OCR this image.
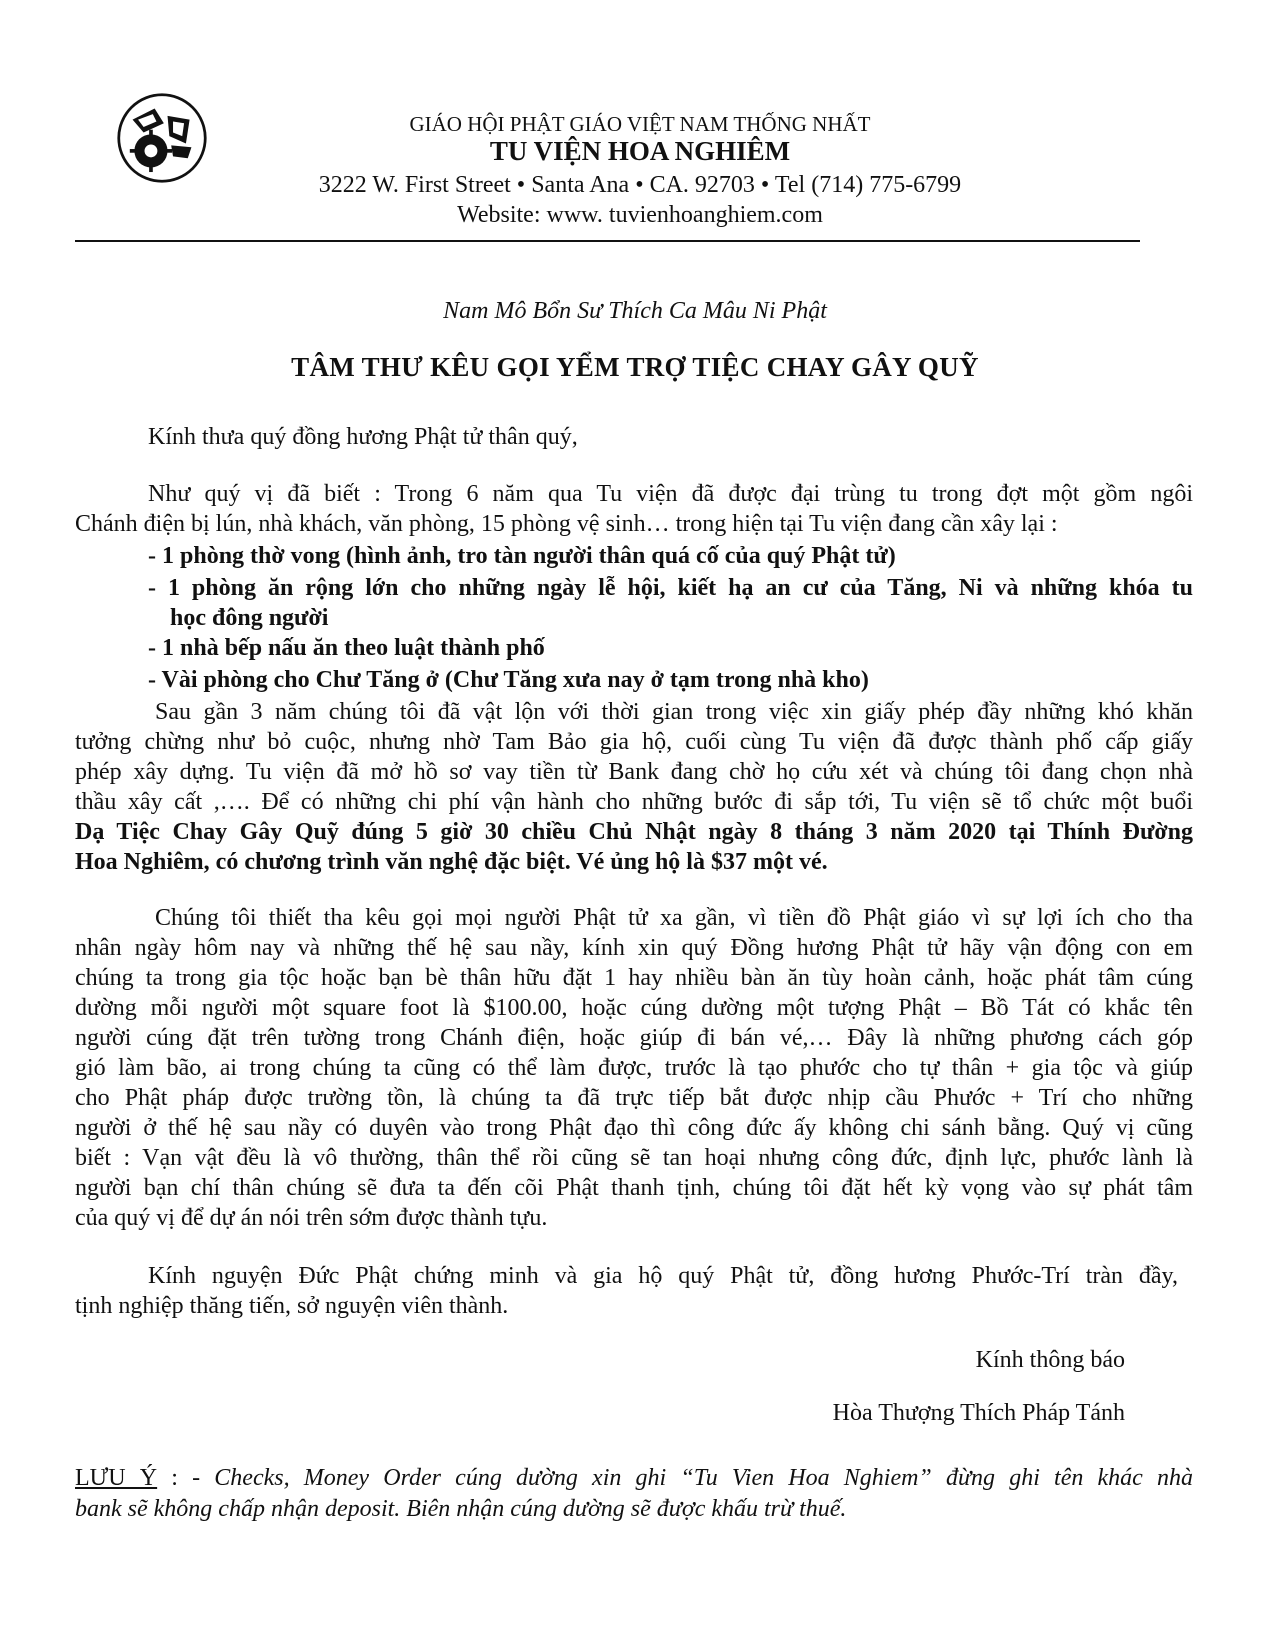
GIÁO HỘI PHẬT GIÁO VIỆT NAM THỐNG NHẤT
TU VIỆN HOA NGHIÊM
3222 W. First Street • Santa Ana • CA. 92703 • Tel (714) 775-6799
Website: www. tuvienhoanghiem.com
Nam Mô Bổn Sư Thích Ca Mâu Ni Phật
TÂM THƯ KÊU GỌI YỂM TRỢ TIỆC CHAY GÂY QUỸ
Kính thưa quý đồng hương Phật tử thân quý,
Như quý vị đã biết : Trong 6 năm qua Tu viện đã được đại trùng tu trong đợt một gồm ngôi
Chánh điện bị lún, nhà khách, văn phòng, 15 phòng vệ sinh… trong hiện tại Tu viện đang cần xây lại :
- 1 phòng thờ vong (hình ảnh, tro tàn người thân quá cố của quý Phật tử)
- 1 phòng ăn rộng lớn cho những ngày lễ hội, kiết hạ an cư của Tăng, Ni và những khóa tu
học đông người
- 1 nhà bếp nấu ăn theo luật thành phố
- Vài phòng cho Chư Tăng ở (Chư Tăng xưa nay ở tạm trong nhà kho)
Sau gần 3 năm chúng tôi đã vật lộn với thời gian trong việc xin giấy phép đầy những khó khăn
tưởng chừng như bỏ cuộc, nhưng nhờ Tam Bảo gia hộ, cuối cùng Tu viện đã được thành phố cấp giấy
phép xây dựng. Tu viện đã mở hồ sơ vay tiền từ Bank đang chờ họ cứu xét và chúng tôi đang chọn nhà
thầu xây cất ,…. Để có những chi phí vận hành cho những bước đi sắp tới, Tu viện sẽ tổ chức một buổi
Dạ Tiệc Chay Gây Quỹ đúng 5 giờ 30 chiều Chủ Nhật ngày 8 tháng 3 năm 2020 tại Thính Đường
Hoa Nghiêm, có chương trình văn nghệ đặc biệt. Vé ủng hộ là $37 một vé.
Chúng tôi thiết tha kêu gọi mọi người Phật tử xa gần, vì tiền đồ Phật giáo vì sự lợi ích cho tha
nhân ngày hôm nay và những thế hệ sau nầy, kính xin quý Đồng hương Phật tử hãy vận động con em
chúng ta trong gia tộc hoặc bạn bè thân hữu đặt 1 hay nhiều bàn ăn tùy hoàn cảnh, hoặc phát tâm cúng
dường mỗi người một square foot là $100.00, hoặc cúng dường một tượng Phật – Bồ Tát có khắc tên
người cúng đặt trên tường trong Chánh điện, hoặc giúp đi bán vé,… Đây là những phương cách góp
gió làm bão, ai trong chúng ta cũng có thể làm được, trước là tạo phước cho tự thân + gia tộc và giúp
cho Phật pháp được trường tồn, là chúng ta đã trực tiếp bắt được nhịp cầu Phước + Trí cho những
người ở thế hệ sau nầy có duyên vào trong Phật đạo thì công đức ấy không chi sánh bằng. Quý vị cũng
biết : Vạn vật đều là vô thường, thân thể rồi cũng sẽ tan hoại nhưng công đức, định lực, phước lành là
người bạn chí thân chúng sẽ đưa ta đến cõi Phật thanh tịnh, chúng tôi đặt hết kỳ vọng vào sự phát tâm
của quý vị để dự án nói trên sớm được thành tựu.
Kính nguyện Đức Phật chứng minh và gia hộ quý Phật tử, đồng hương Phước-Trí tràn đầy,
tịnh nghiệp thăng tiến, sở nguyện viên thành.
Kính thông báo
Hòa Thượng Thích Pháp Tánh
LƯU Ý : - Checks, Money Order cúng dường xin ghi “Tu Vien Hoa Nghiem” đừng ghi tên khác nhà
bank sẽ không chấp nhận deposit. Biên nhận cúng dường sẽ được khấu trừ thuế.
